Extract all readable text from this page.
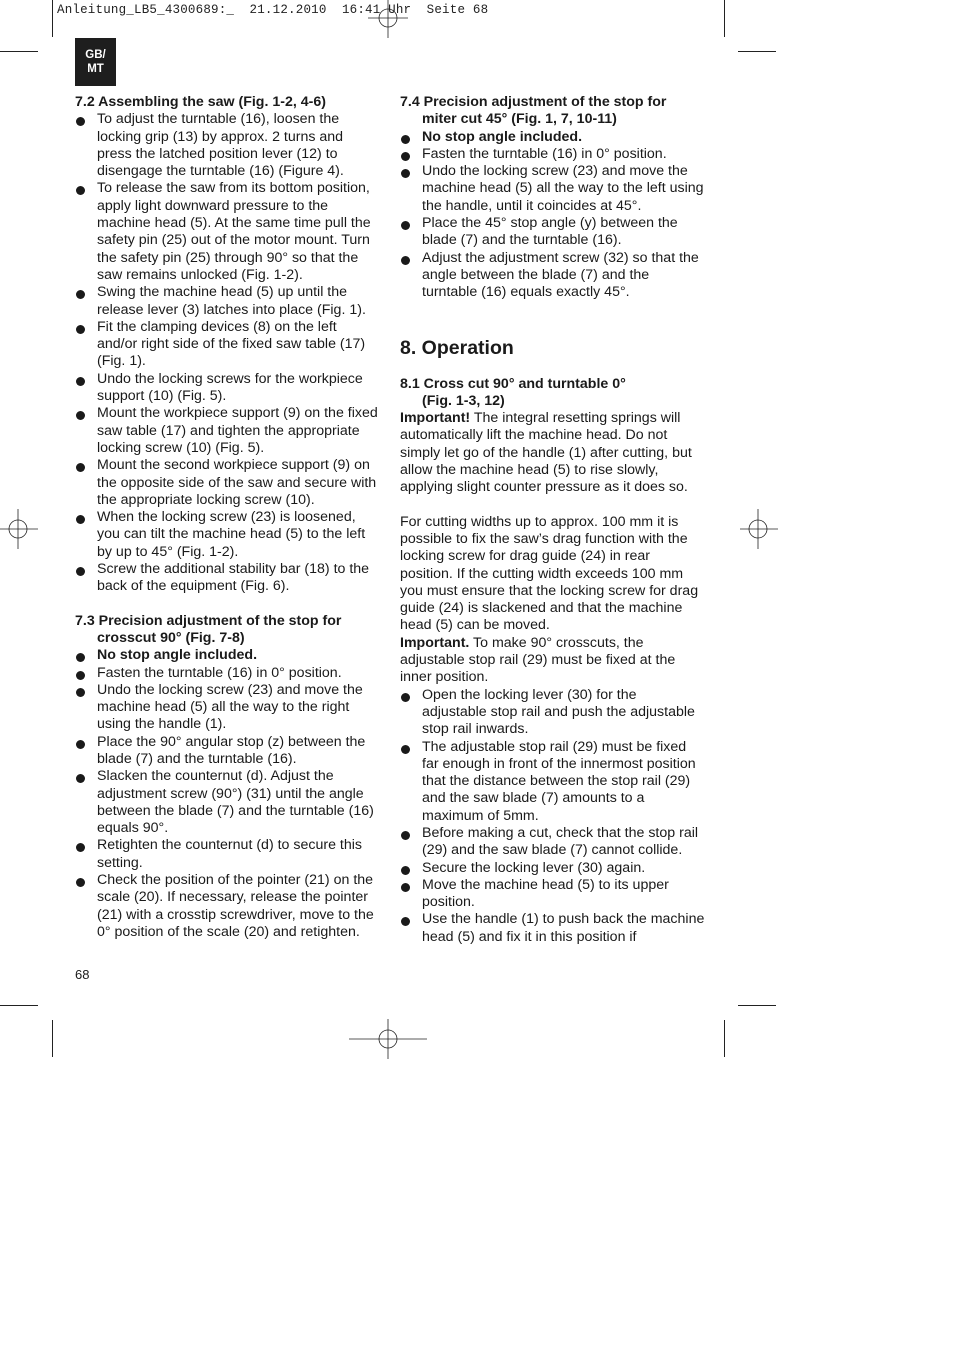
Anleitung_LB5_4300689:_  21.12.2010  16:41 Uhr  Seite 68
GB/
MT
7.2 Assembling the saw (Fig. 1-2, 4-6)
To adjust the turntable (16), loosen the locking grip (13) by approx. 2 turns and press the latched position lever (12) to disengage the turntable (16) (Figure 4).
To release the saw from its bottom position, apply light downward pressure to the machine head (5). At the same time pull the safety pin (25) out of the motor mount. Turn the safety pin (25) through 90° so that the saw remains unlocked (Fig. 1-2).
Swing the machine head (5) up until the release lever (3) latches into place (Fig. 1).
Fit the clamping devices (8) on the left and/or right side of the fixed saw table (17) (Fig. 1).
Undo the locking screws for the workpiece support (10) (Fig. 5).
Mount the workpiece support (9) on the fixed saw table (17) and tighten the appropriate locking screw (10) (Fig. 5).
Mount the second workpiece support (9) on the opposite side of the saw and secure with the appropriate locking screw (10).
When the locking screw (23) is loosened, you can tilt the machine head (5) to the left by up to 45° (Fig. 1-2).
Screw the additional stability bar (18) to the back of the equipment (Fig. 6).
7.3 Precision adjustment of the stop for
crosscut 90° (Fig. 7-8)
No stop angle included.
Fasten the turntable (16) in 0° position.
Undo the locking screw (23) and move the machine head (5) all the way to the right using the handle (1).
Place the 90° angular stop (z) between the blade (7) and the turntable (16).
Slacken the counternut (d). Adjust the adjustment screw (90°) (31) until the angle between the blade (7) and the turntable (16) equals 90°.
Retighten the counternut (d) to secure this setting.
Check the position of the pointer (21) on the scale (20). If necessary, release the pointer (21) with a crosstip screwdriver, move to the 0° position of the scale (20) and retighten.
7.4 Precision adjustment of the stop for
miter cut 45° (Fig. 1, 7, 10-11)
No stop angle included.
Fasten the turntable (16) in 0° position.
Undo the locking screw (23) and move the machine head (5) all the way to the left using the handle, until it coincides at 45°.
Place the 45° stop angle (y) between the blade (7) and the turntable (16).
Adjust the adjustment screw (32) so that the angle between the blade (7) and the turntable (16) equals exactly 45°.
8. Operation
8.1 Cross cut 90° and turntable 0°
(Fig. 1-3, 12)

Important! The integral resetting springs will automatically lift the machine head. Do not simply let go of the handle (1) after cutting, but allow the machine head (5) to rise slowly, applying slight counter pressure as it does so.

For cutting widths up to approx. 100 mm it is possible to fix the saw’s drag function with the locking screw for drag guide (24) in rear position. If the cutting width exceeds 100 mm you must ensure that the locking screw for drag guide (24) is slackened and that the machine head (5) can be moved.

Important. To make 90° crosscuts, the adjustable stop rail (29) must be fixed at the inner position.

Open the locking lever (30) for the adjustable stop rail and push the adjustable stop rail inwards.
The adjustable stop rail (29) must be fixed far enough in front of the innermost position that the distance between the stop rail (29) and the saw blade (7) amounts to a maximum of 5mm.
Before making a cut, check that the stop rail (29) and the saw blade (7) cannot collide.
Secure the locking lever (30) again.
Move the machine head (5) to its upper position.
Use the handle (1) to push back the machine head (5) and fix it in this position if
68
